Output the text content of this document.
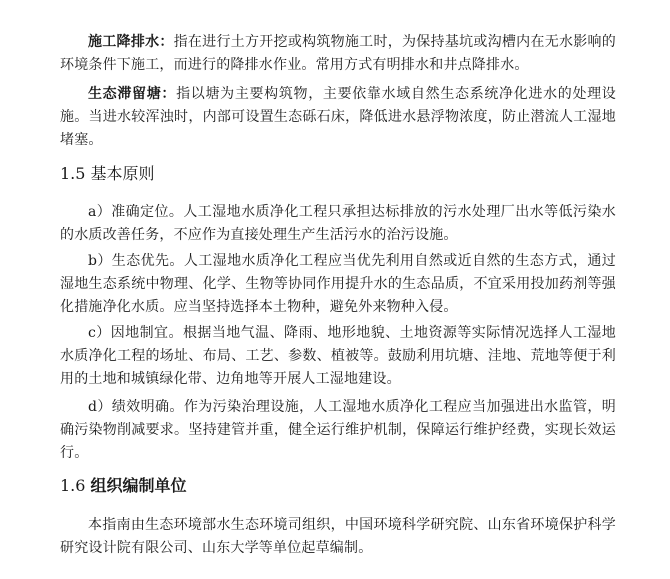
施工降排水：指在进行土方开挖或构筑物施工时，为保持基坑或沟槽内在无水影响的环境条件下施工，而进行的降排水作业。常用方式有明排水和井点降排水。

生态滞留塘：指以塘为主要构筑物，主要依靠水域自然生态系统净化进水的处理设施。当进水较浑浊时，内部可设置生态砾石床，降低进水悬浮物浓度，防止潜流人工湿地堵塞。

1.5 基本原则

a）准确定位。人工湿地水质净化工程只承担达标排放的污水处理厂出水等低污染水的水质改善任务，不应作为直接处理生产生活污水的治污设施。

b）生态优先。人工湿地水质净化工程应当优先利用自然或近自然的生态方式，通过湿地生态系统中物理、化学、生物等协同作用提升水的生态品质，不宜采用投加药剂等强化措施净化水质。应当坚持选择本土物种，避免外来物种入侵。

c）因地制宜。根据当地气温、降雨、地形地貌、土地资源等实际情况选择人工湿地水质净化工程的场址、布局、工艺、参数、植被等。鼓励利用坑塘、洼地、荒地等便于利用的土地和城镇绿化带、边角地等开展人工湿地建设。

d）绩效明确。作为污染治理设施，人工湿地水质净化工程应当加强进出水监管，明确污染物削减要求。坚持建管并重，健全运行维护机制，保障运行维护经费，实现长效运行。

1.6 组织编制单位

本指南由生态环境部水生态环境司组织，中国环境科学研究院、山东省环境保护科学研究设计院有限公司、山东大学等单位起草编制。
